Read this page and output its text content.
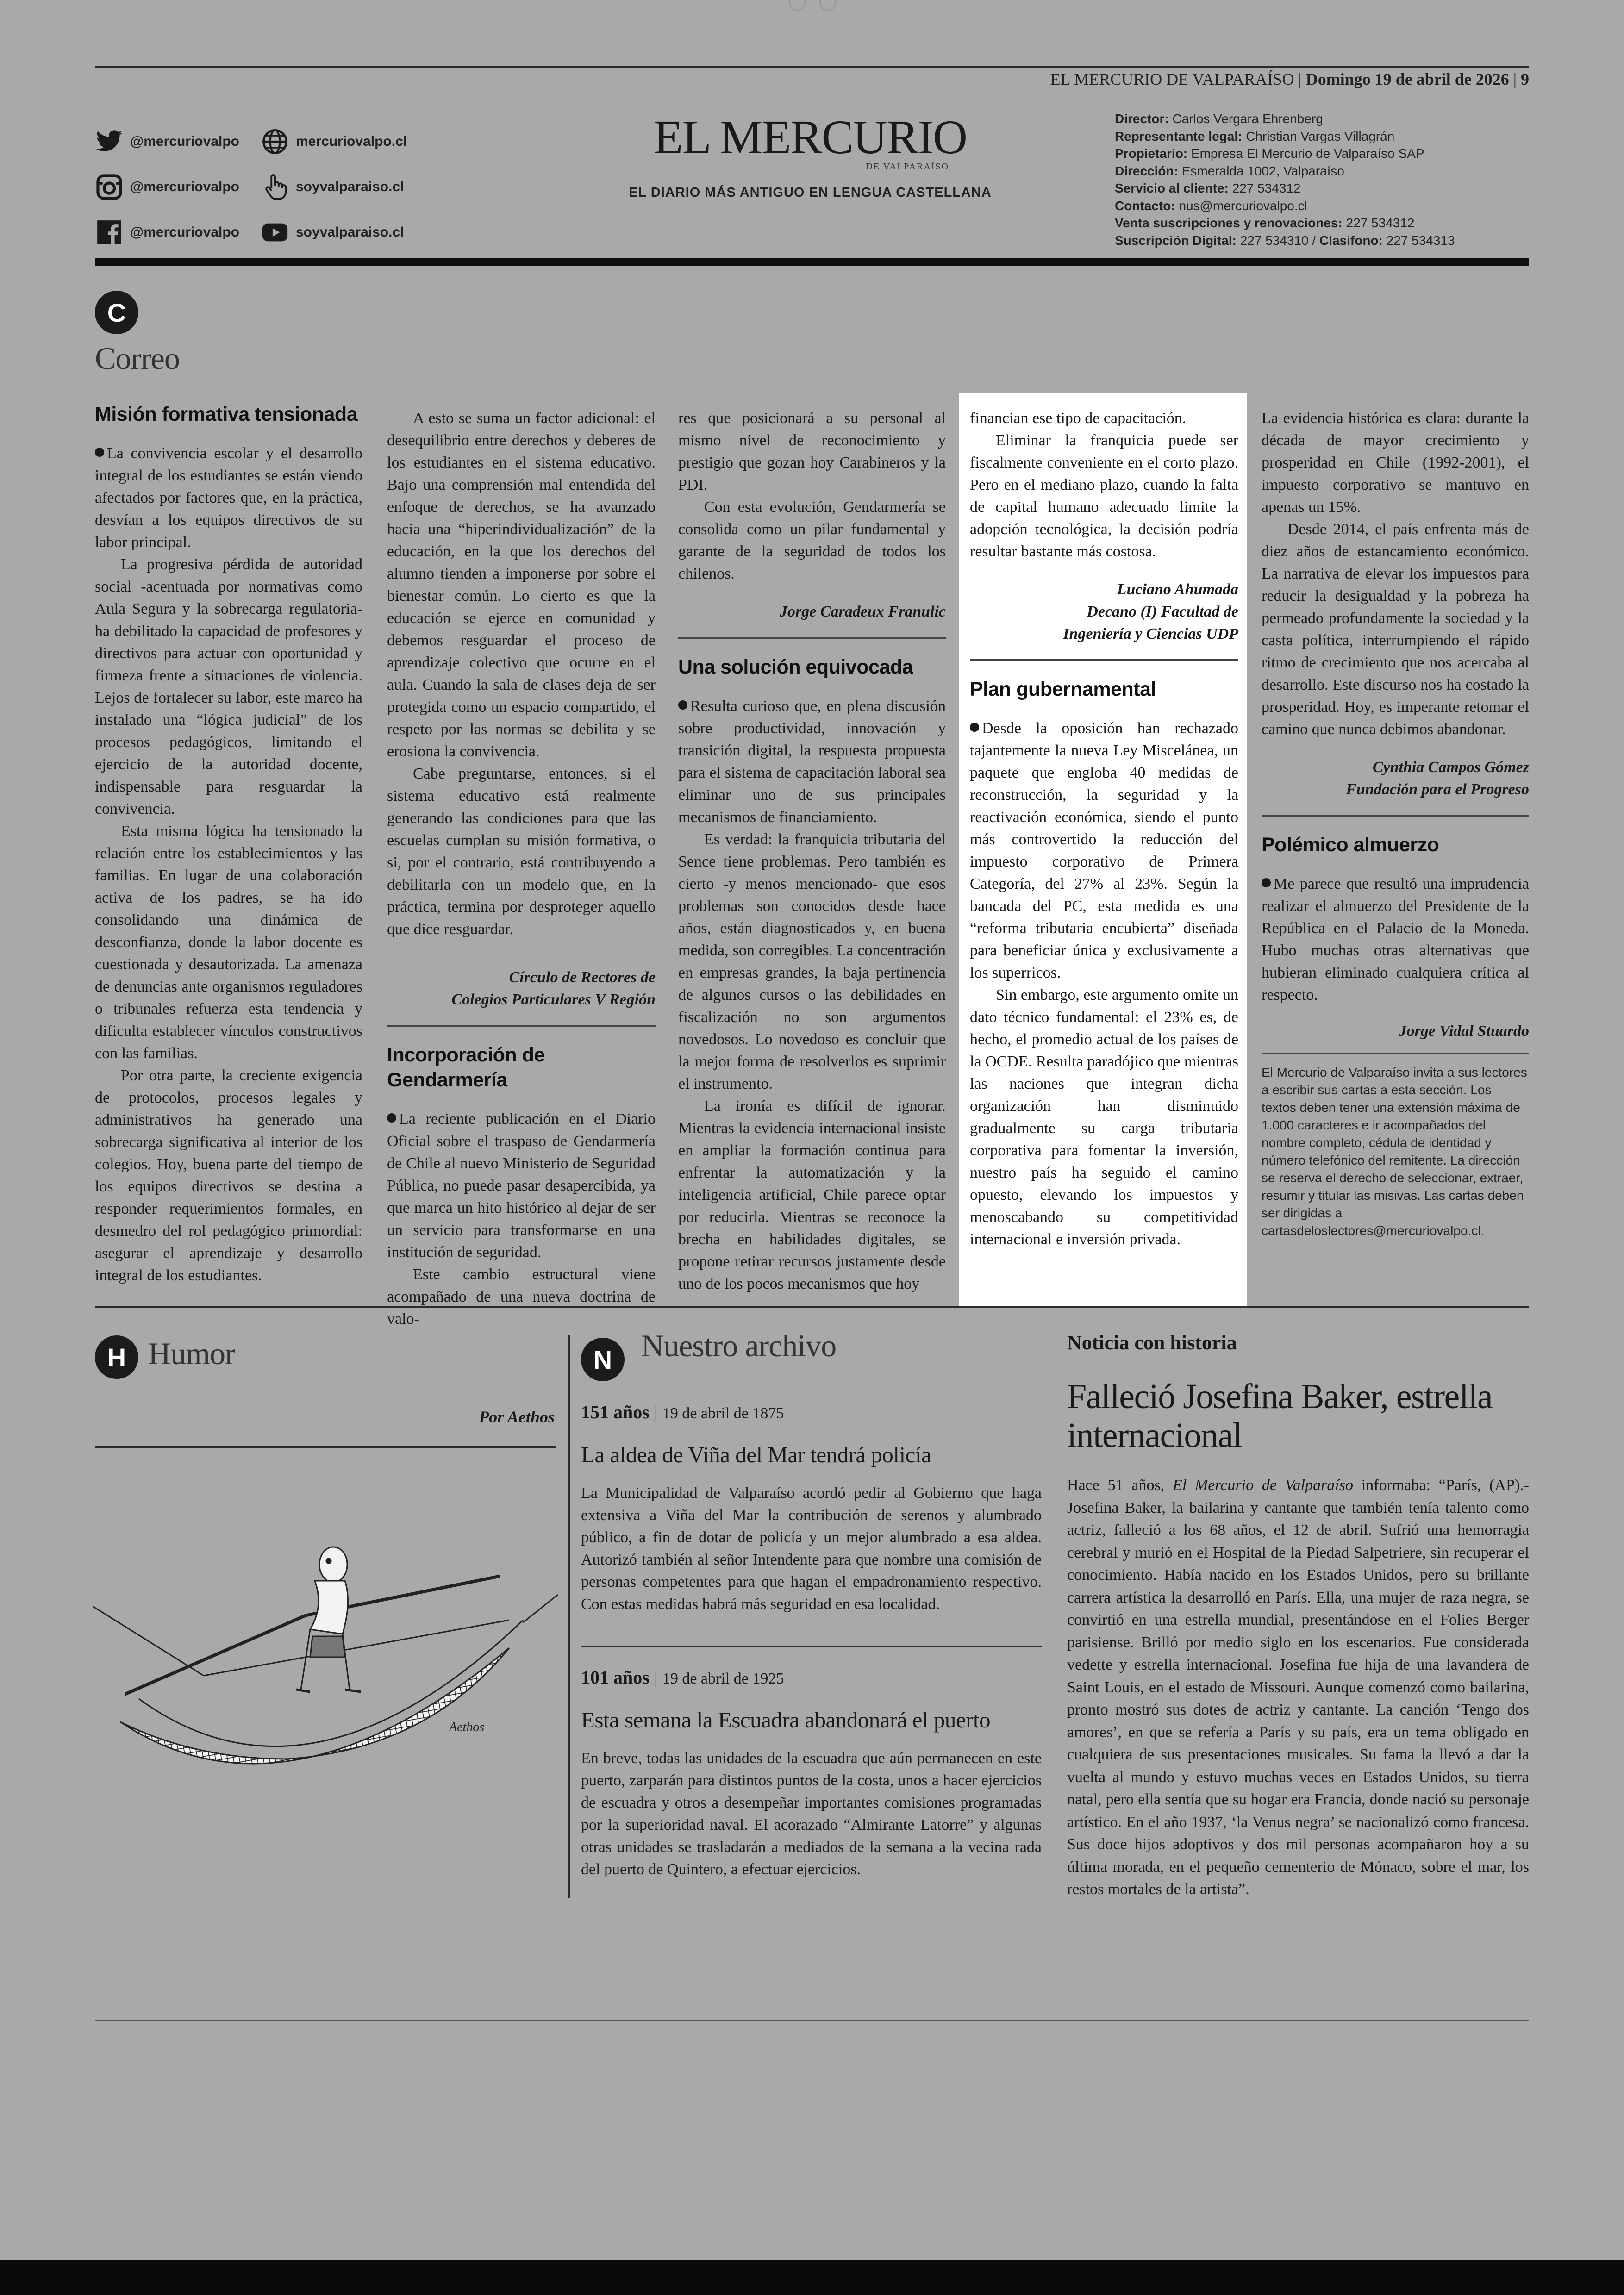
EL MERCURIO DE VALPARAÍSO | Domingo 19 de abril de 2026 | 9
@mercuriovalpo
@mercuriovalpo
@mercuriovalpo
mercuriovalpo.cl
soyvalparaiso.cl
soyvalparaiso.cl
EL MERCURIO
DE VALPARAÍSO
EL DIARIO MÁS ANTIGUO EN LENGUA CASTELLANA
Director: Carlos Vergara Ehrenberg
Representante legal: Christian Vargas Villagrán
Propietario: Empresa El Mercurio de Valparaíso SAP
Dirección: Esmeralda 1002, Valparaíso
Servicio al cliente: 227 534312
Contacto: nus@mercuriovalpo.cl
Venta suscripciones y renovaciones: 227 534312
Suscripción Digital: 227 534310 / Clasifono: 227 534313
C
Correo
Misión formativa tensionada

La convivencia escolar y el desarrollo integral de los estudiantes se están viendo afectados por factores que, en la práctica, desvían a los equipos directivos de su labor principal.

La progresiva pérdida de autoridad social -acentuada por normativas como Aula Segura y la sobrecarga regulatoria- ha debilitado la capacidad de profesores y directivos para actuar con oportunidad y firmeza frente a situaciones de violencia. Lejos de fortalecer su labor, este marco ha instalado una “lógica judicial” de los procesos pedagógicos, limitando el ejercicio de la autoridad docente, indispensable para resguardar la convivencia.

Esta misma lógica ha tensionado la relación entre los establecimientos y las familias. En lugar de una colaboración activa de los padres, se ha ido consolidando una dinámica de desconfianza, donde la labor docente es cuestionada y desautorizada. La amenaza de denuncias ante organismos reguladores o tribunales refuerza esta tendencia y dificulta establecer vínculos constructivos con las familias.

Por otra parte, la creciente exigencia de protocolos, procesos legales y administrativos ha generado una sobrecarga significativa al interior de los colegios. Hoy, buena parte del tiempo de los equipos directivos se destina a responder requerimientos formales, en desmedro del rol pedagógico primordial: asegurar el aprendizaje y desarrollo integral de los estudiantes.

A esto se suma un factor adicional: el desequilibrio entre derechos y deberes de los estudiantes en el sistema educativo. Bajo una comprensión mal entendida del enfoque de derechos, se ha avanzado hacia una “hiperindividualización” de la educación, en la que los derechos del alumno tienden a imponerse por sobre el bienestar común. Lo cierto es que la educación se ejerce en comunidad y debemos resguardar el proceso de aprendizaje colectivo que ocurre en el aula. Cuando la sala de clases deja de ser protegida como un espacio compartido, el respeto por las normas se debilita y se erosiona la convivencia.

Cabe preguntarse, entonces, si el sistema educativo está realmente generando las condiciones para que las escuelas cumplan su misión formativa, o si, por el contrario, está contribuyendo a debilitarla con un modelo que, en la práctica, termina por desproteger aquello que dice resguardar.

Círculo de Rectores de
Colegios Particulares V Región

Incorporación de Gendarmería

La reciente publicación en el Diario Oficial sobre el traspaso de Gendarmería de Chile al nuevo Ministerio de Seguridad Pública, no puede pasar desapercibida, ya que marca un hito histórico al dejar de ser un servicio para transformarse en una institución de seguridad.

Este cambio estructural viene acompañado de una nueva doctrina de valo-

res que posicionará a su personal al mismo nivel de reconocimiento y prestigio que gozan hoy Carabineros y la PDI.

Con esta evolución, Gendarmería se consolida como un pilar fundamental y garante de la seguridad de todos los chilenos.

Jorge Caradeux Franulic

Una solución equivocada

Resulta curioso que, en plena discusión sobre productividad, innovación y transición digital, la respuesta propuesta para el sistema de capacitación laboral sea eliminar uno de sus principales mecanismos de financiamiento.

Es verdad: la franquicia tributaria del Sence tiene problemas. Pero también es cierto -y menos mencionado- que esos problemas son conocidos desde hace años, están diagnosticados y, en buena medida, son corregibles. La concentración en empresas grandes, la baja pertinencia de algunos cursos o las debilidades en fiscalización no son argumentos novedosos. Lo novedoso es concluir que la mejor forma de resolverlos es suprimir el instrumento.

La ironía es difícil de ignorar. Mientras la evidencia internacional insiste en ampliar la formación continua para enfrentar la automatización y la inteligencia artificial, Chile parece optar por reducirla. Mientras se reconoce la brecha en habilidades digitales, se propone retirar recursos justamente desde uno de los pocos mecanismos que hoy

financian ese tipo de capacitación.

Eliminar la franquicia puede ser fiscalmente conveniente en el corto plazo. Pero en el mediano plazo, cuando la falta de capital humano adecuado limite la adopción tecnológica, la decisión podría resultar bastante más costosa.

Luciano Ahumada
Decano (I) Facultad de
Ingeniería y Ciencias UDP

Plan gubernamental

Desde la oposición han rechazado tajantemente la nueva Ley Miscelánea, un paquete que engloba 40 medidas de reconstrucción, la seguridad y la reactivación económica, siendo el punto más controvertido la reducción del impuesto corporativo de Primera Categoría, del 27% al 23%. Según la bancada del PC, esta medida es una “reforma tributaria encubierta” diseñada para beneficiar única y exclusivamente a los superricos.

Sin embargo, este argumento omite un dato técnico fundamental: el 23% es, de hecho, el promedio actual de los países de la OCDE. Resulta paradójico que mientras las naciones que integran dicha organización han disminuido gradualmente su carga tributaria corporativa para fomentar la inversión, nuestro país ha seguido el camino opuesto, elevando los impuestos y menoscabando su competitividad internacional e inversión privada.

La evidencia histórica es clara: durante la década de mayor crecimiento y prosperidad en Chile (1992-2001), el impuesto corporativo se mantuvo en apenas un 15%.

Desde 2014, el país enfrenta más de diez años de estancamiento económico. La narrativa de elevar los impuestos para reducir la desigualdad y la pobreza ha permeado profundamente la sociedad y la casta política, interrumpiendo el rápido ritmo de crecimiento que nos acercaba al desarrollo. Este discurso nos ha costado la prosperidad. Hoy, es imperante retomar el camino que nunca debimos abandonar.

Cynthia Campos Gómez
Fundación para el Progreso

Polémico almuerzo

Me parece que resultó una imprudencia realizar el almuerzo del Presidente de la República en el Palacio de la Moneda. Hubo muchas otras alternativas que hubieran eliminado cualquiera crítica al respecto.

Jorge Vidal Stuardo

El Mercurio de Valparaíso invita a sus lectores a escribir sus cartas a esta sección. Los textos deben tener una extensión máxima de 1.000 caracteres e ir acompañados del nombre completo, cédula de identidad y número telefónico del remitente. La dirección se reserva el derecho de seleccionar, extraer, resumir y titular las misivas. Las cartas deben ser dirigidas a cartasdeloslectores@mercuriovalpo.cl.

H Humor
Por Aethos
Aethos
N Nuestro archivo
151 años | 19 de abril de 1875
La aldea de Viña del Mar tendrá policía
La Municipalidad de Valparaíso acordó pedir al Gobierno que haga extensiva a Viña del Mar la contribución de serenos y alumbrado público, a fin de dotar de policía y un mejor alumbrado a esa aldea. Autorizó también al señor Intendente para que nombre una comisión de personas competentes para que hagan el empadronamiento respectivo. Con estas medidas habrá más seguridad en esa localidad.
101 años | 19 de abril de 1925
Esta semana la Escuadra abandonará el puerto
En breve, todas las unidades de la escuadra que aún permanecen en este puerto, zarparán para distintos puntos de la costa, unos a hacer ejercicios de escuadra y otros a desempeñar importantes comisiones programadas por la superioridad naval. El acorazado “Almirante Latorre” y algunas otras unidades se trasladarán a mediados de la semana a la vecina rada del puerto de Quintero, a efectuar ejercicios.
Noticia con historia
Falleció Josefina Baker, estrella internacional
Hace 51 años, El Mercurio de Valparaíso informaba: “París, (AP).- Josefina Baker, la bailarina y cantante que también tenía talento como actriz, falleció a los 68 años, el 12 de abril. Sufrió una hemorragia cerebral y murió en el Hospital de la Piedad Salpetriere, sin recuperar el conocimiento. Había nacido en los Estados Unidos, pero su brillante carrera artística la desarrolló en París. Ella, una mujer de raza negra, se convirtió en una estrella mundial, presentándose en el Folies Berger parisiense. Brilló por medio siglo en los escenarios. Fue considerada vedette y estrella internacional. Josefina fue hija de una lavandera de Saint Louis, en el estado de Missouri. Aunque comenzó como bailarina, pronto mostró sus dotes de actriz y cantante. La canción ‘Tengo dos amores’, en que se refería a París y su país, era un tema obligado en cualquiera de sus presentaciones musicales. Su fama la llevó a dar la vuelta al mundo y estuvo muchas veces en Estados Unidos, su tierra natal, pero ella sentía que su hogar era Francia, donde nació su personaje artístico. En el año 1937, ‘la Venus negra’ se nacionalizó como francesa. Sus doce hijos adoptivos y dos mil personas acompañaron hoy a su última morada, en el pequeño cementerio de Mónaco, sobre el mar, los restos mortales de la artista”.
